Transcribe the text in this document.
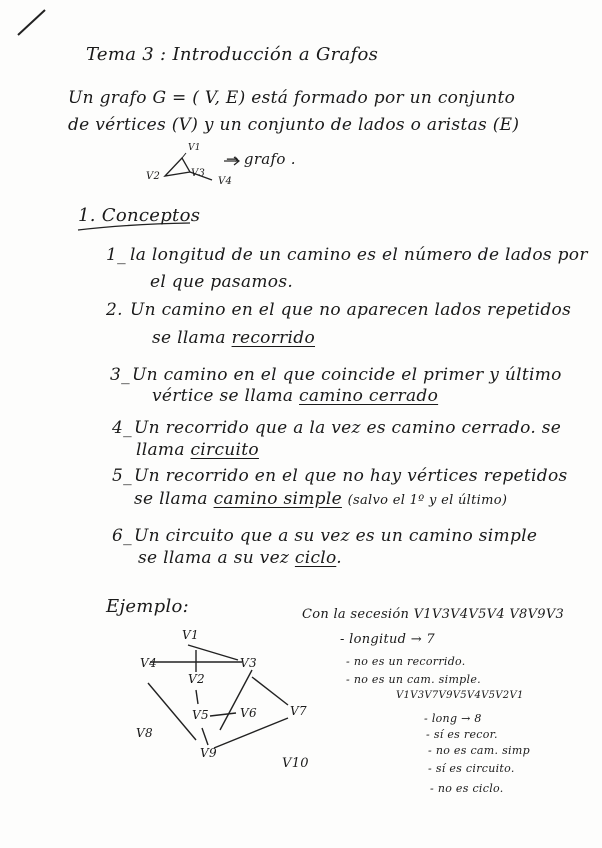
Tema 3 : Introducción a Grafos
Un grafo G = ( V, E) está formado por un conjunto
de vértices (V) y un conjunto de lados o aristas (E)
V1
V2	V3
V4
→ grafo .
1. Conceptos
1_ la longitud de un camino es el número de lados por
el que pasamos.
2. Un camino en el que no aparecen lados repetidos
se llama recorrido
3_ Un camino en el que coincide el primer y último
vértice se llama camino cerrado
4_ Un recorrido que a la vez es camino cerrado. se
llama circuito
5_ Un recorrido en el que no hay vértices repetidos
se llama camino simple (salvo el 1º y el último)
6_ Un circuito que a su vez es un camino simple
se llama a su vez ciclo.
Ejemplo:
V1
V2
V3
V4
V5	V6	V7
V8
V9
V10
Con la secesión V1V3V4V5V4 V8V9V3
- longitud → 7
- no es un recorrido.
- no es un cam. simple.
V1V3V7V9V5V4V5V2V1
- long → 8
- sí es recor.
- no es cam. simp
- sí es circuito.
- no es ciclo.
